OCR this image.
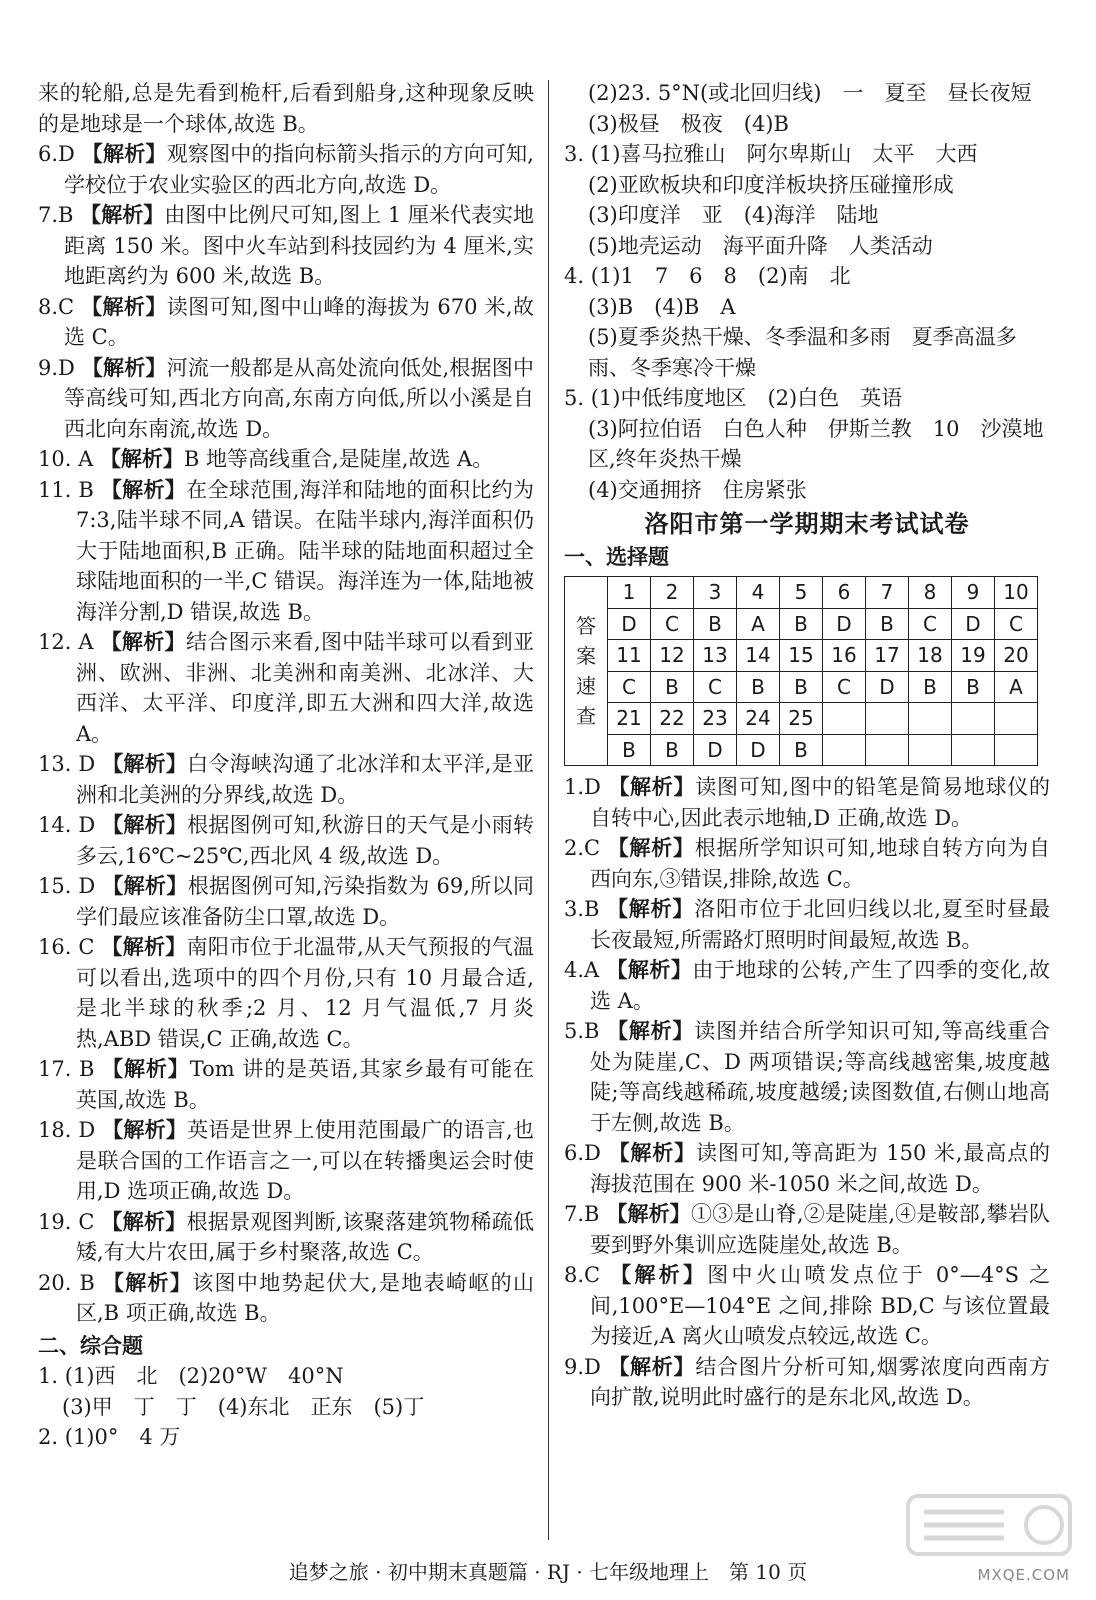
来的轮船,总是先看到桅杆,后看到船身,这种现象反映的是地球是一个球体,故选 B。

6.D 【解析】观察图中的指向标箭头指示的方向可知,学校位于农业实验区的西北方向,故选 D。

7.B 【解析】由图中比例尺可知,图上 1 厘米代表实地距离 150 米。图中火车站到科技园约为 4 厘米,实地距离约为 600 米,故选 B。

8.C 【解析】读图可知,图中山峰的海拔为 670 米,故选 C。

9.D 【解析】河流一般都是从高处流向低处,根据图中等高线可知,西北方向高,东南方向低,所以小溪是自西北向东南流,故选 D。

10. A 【解析】B 地等高线重合,是陡崖,故选 A。

11. B 【解析】在全球范围,海洋和陆地的面积比约为 7:3,陆半球不同,A 错误。在陆半球内,海洋面积仍大于陆地面积,B 正确。陆半球的陆地面积超过全球陆地面积的一半,C 错误。海洋连为一体,陆地被海洋分割,D 错误,故选 B。

12. A 【解析】结合图示来看,图中陆半球可以看到亚洲、欧洲、非洲、北美洲和南美洲、北冰洋、大西洋、太平洋、印度洋,即五大洲和四大洋,故选 A。

13. D 【解析】白令海峡沟通了北冰洋和太平洋,是亚洲和北美洲的分界线,故选 D。

14. D 【解析】根据图例可知,秋游日的天气是小雨转多云,16℃~25℃,西北风 4 级,故选 D。

15. D 【解析】根据图例可知,污染指数为 69,所以同学们最应该准备防尘口罩,故选 D。

16. C 【解析】南阳市位于北温带,从天气预报的气温可以看出,选项中的四个月份,只有 10 月最合适,是北半球的秋季;2 月、12 月气温低,7 月炎热,ABD 错误,C 正确,故选 C。

17. B 【解析】Tom 讲的是英语,其家乡最有可能在英国,故选 B。

18. D 【解析】英语是世界上使用范围最广的语言,也是联合国的工作语言之一,可以在转播奥运会时使用,D 选项正确,故选 D。

19. C 【解析】根据景观图判断,该聚落建筑物稀疏低矮,有大片农田,属于乡村聚落,故选 C。

20. B 【解析】该图中地势起伏大,是地表崎岖的山区,B 项正确,故选 B。

二、综合题

1. (1)西　北　(2)20°W　40°N

(3)甲　丁　丁　(4)东北　正东　(5)丁

2. (1)0°　4 万

(2)23. 5°N(或北回归线)　一　夏至　昼长夜短

(3)极昼　极夜　(4)B

3. (1)喜马拉雅山　阿尔卑斯山　太平　大西

(2)亚欧板块和印度洋板块挤压碰撞形成

(3)印度洋　亚　(4)海洋　陆地

(5)地壳运动　海平面升降　人类活动

4. (1)1　7　6　8　(2)南　北

(3)B　(4)B　A

(5)夏季炎热干燥、冬季温和多雨　夏季高温多雨、冬季寒冷干燥

5. (1)中低纬度地区　(2)白色　英语

(3)阿拉伯语　白色人种　伊斯兰教　10　沙漠地区,终年炎热干燥

(4)交通拥挤　住房紧张

洛阳市第一学期期末考试试卷

一、选择题

答
案
速
查	1	2	3	4	5	6	7	8	9	10
	D	C	B	A	B	D	B	C	D	C
	11	12	13	14	15	16	17	18	19	20
	C	B	C	B	B	C	D	B	B	A
	21	22	23	24	25					
	B	B	D	D	B					

1.D 【解析】读图可知,图中的铅笔是简易地球仪的自转中心,因此表示地轴,D 正确,故选 D。

2.C 【解析】根据所学知识可知,地球自转方向为自西向东,③错误,排除,故选 C。

3.B 【解析】洛阳市位于北回归线以北,夏至时昼最长夜最短,所需路灯照明时间最短,故选 B。

4.A 【解析】由于地球的公转,产生了四季的变化,故选 A。

5.B 【解析】读图并结合所学知识可知,等高线重合处为陡崖,C、D 两项错误;等高线越密集,坡度越陡;等高线越稀疏,坡度越缓;读图数值,右侧山地高于左侧,故选 B。

6.D 【解析】读图可知,等高距为 150 米,最高点的海拔范围在 900 米-1050 米之间,故选 D。

7.B 【解析】①③是山脊,②是陡崖,④是鞍部,攀岩队要到野外集训应选陡崖处,故选 B。

8.C 【解析】图中火山喷发点位于 0°—4°S 之间,100°E—104°E 之间,排除 BD,C 与该位置最为接近,A 离火山喷发点较远,故选 C。

9.D 【解析】结合图片分析可知,烟雾浓度向西南方向扩散,说明此时盛行的是东北风,故选 D。

追梦之旅 · 初中期末真题篇 · RJ · 七年级地理上　第 10 页	MXQE.COM
